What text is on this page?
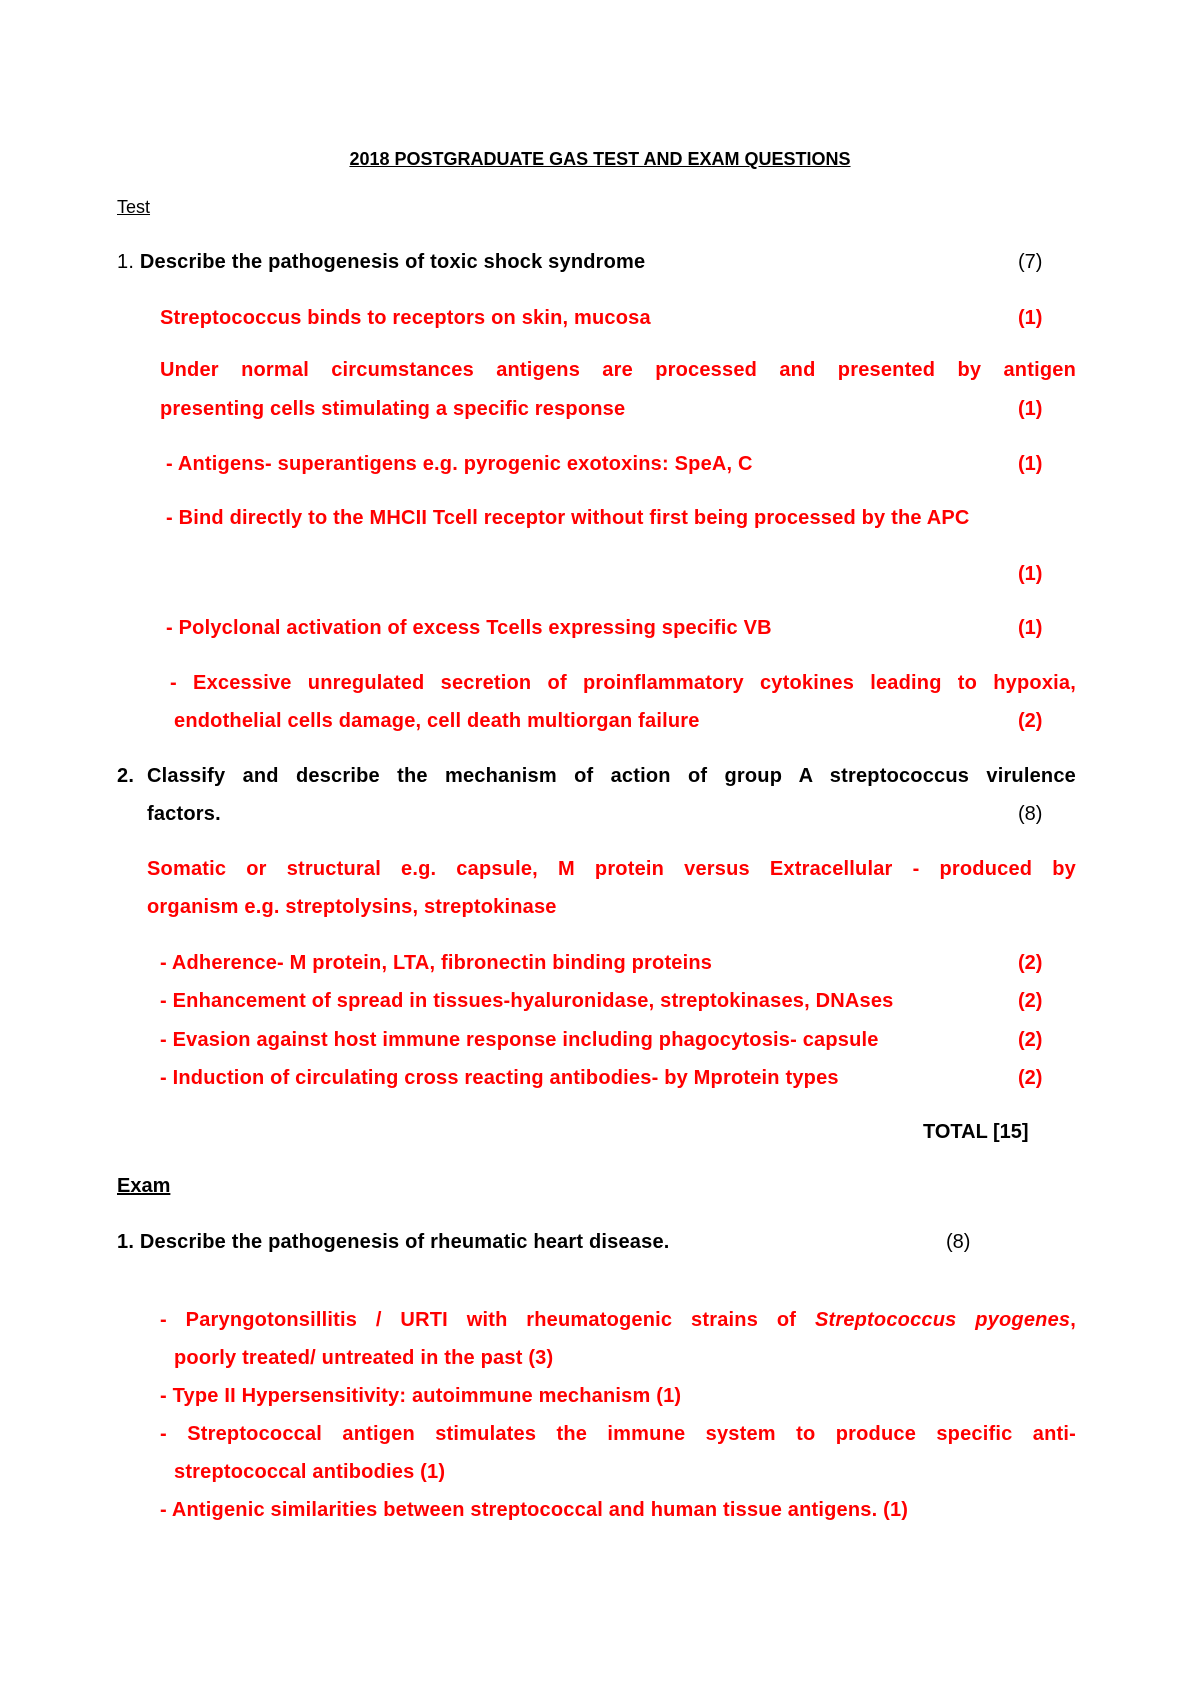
2018 POSTGRADUATE GAS TEST AND EXAM QUESTIONS
Test
1. Describe the pathogenesis of toxic shock syndrome	(7)
Streptococcus binds to receptors on skin, mucosa	(1)
Under normal circumstances antigens are processed and presented by antigen
presenting cells stimulating a specific response	(1)
- Antigens- superantigens e.g. pyrogenic exotoxins: SpeA, C	(1)
- Bind directly to the MHCII Tcell receptor without first being processed by the APC
(1)
- Polyclonal activation of excess Tcells expressing specific VB	(1)
- Excessive unregulated secretion of proinflammatory cytokines leading to hypoxia,
endothelial cells damage, cell death multiorgan failure	(2)
2. Classify and describe the mechanism of action of group A streptococcus virulence
factors.	(8)
Somatic or structural e.g. capsule, M protein versus Extracellular - produced by
organism e.g. streptolysins, streptokinase
- Adherence- M protein, LTA, fibronectin binding proteins	(2)
- Enhancement of spread in tissues-hyaluronidase, streptokinases, DNAses	(2)
- Evasion against host immune response including phagocytosis- capsule	(2)
- Induction of circulating cross reacting antibodies- by Mprotein types	(2)
TOTAL [15]
Exam
1. Describe the pathogenesis of rheumatic heart disease.	(8)
- Paryngotonsillitis / URTI with rheumatogenic strains of Streptococcus pyogenes,
poorly treated/ untreated in the past (3)
- Type II Hypersensitivity: autoimmune mechanism (1)
- Streptococcal antigen stimulates the immune system to produce specific anti-
streptococcal antibodies (1)
- Antigenic similarities between streptococcal and human tissue antigens. (1)
